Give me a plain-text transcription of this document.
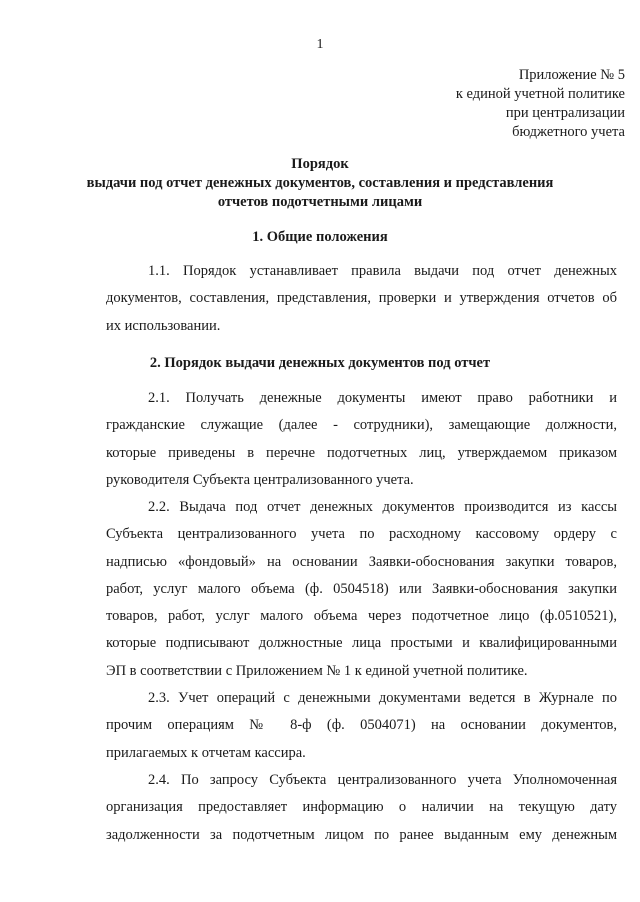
1
Приложение № 5
к единой учетной политике
при централизации
бюджетного учета
Порядок
выдачи под отчет денежных документов, составления и представления
отчетов подотчетными лицами
1. Общие положения
1.1. Порядок устанавливает правила выдачи под отчет денежных
документов, составления, представления, проверки и утверждения отчетов об
их использовании.
2. Порядок выдачи денежных документов под отчет
2.1. Получать денежные документы имеют право работники и
гражданские служащие (далее - сотрудники), замещающие должности,
которые приведены в перечне подотчетных лиц, утверждаемом приказом
руководителя Субъекта централизованного учета.
2.2. Выдача под отчет денежных документов производится из кассы
Субъекта централизованного учета по расходному кассовому ордеру с
надписью «фондовый» на основании Заявки-обоснования закупки товаров,
работ, услуг малого объема (ф. 0504518) или Заявки-обоснования закупки
товаров, работ, услуг малого объема через подотчетное лицо (ф.0510521),
которые подписывают должностные лица простыми и квалифицированными
ЭП в соответствии с Приложением № 1 к единой учетной политике.
2.3. Учет операций с денежными документами ведется в Журнале по
прочим операциям № 8-ф (ф. 0504071) на основании документов,
прилагаемых к отчетам кассира.
2.4. По запросу Субъекта централизованного учета Уполномоченная
организация предоставляет информацию о наличии на текущую дату
задолженности за подотчетным лицом по ранее выданным ему денежным
